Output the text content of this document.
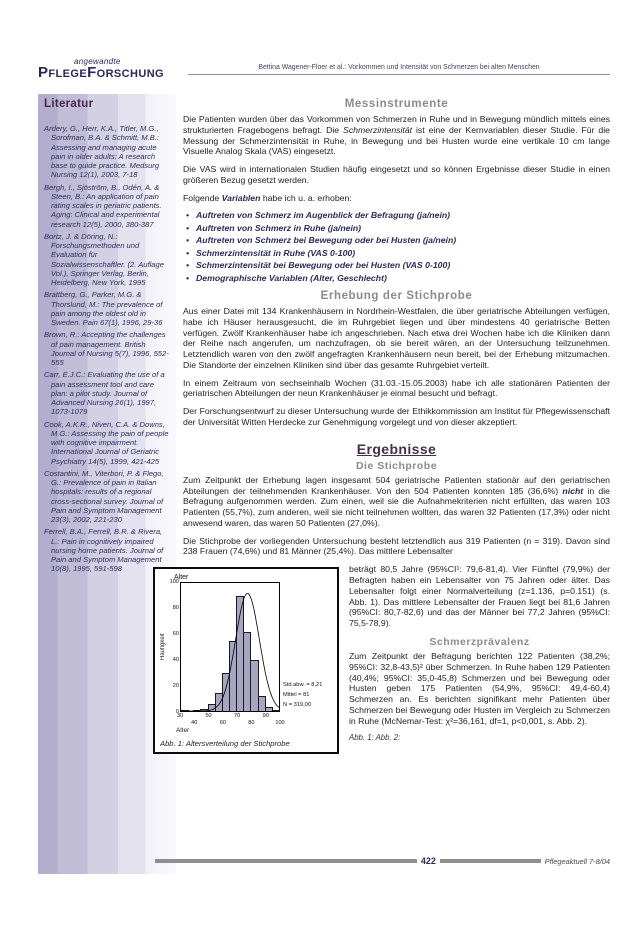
angewandte
PflegeForschung	Bettina Wagener-Floer et al.: Vorkommen und Intensität von Schmerzen bei alten Menschen
Literatur

Ardery, G., Herr, K.A., Titler, M.G., Sorofman, B.A. & Schmitt, M.B.: Assessing and managing acute pain in older adults: A research base to guide practice. Medsurg Nursing 12(1), 2003, 7-18

Bergh, I., Sjöström, B., Odén, A. & Steen, B.: An application of pain rating scales in geriatric patients. Aging: Clinical and experimental research 12(5), 2000, 380-387

Bortz, J. & Döring, N.: Forschungsmethoden und Evaluation für Sozialwissenschaftler. (2. Auflage Vol.), Springer Verlag, Berlin, Heidelberg, New York, 1995

Brattberg, G., Parker, M.G. & Thorslund, M.: The prevalence of pain among the oldest old in Sweden. Pain 67(1), 1996, 29-36

Brown, R.: Accepting the challenges of pain management. British Journal of Nursing 5(7), 1996, 552-555

Carr, E.J.C.: Evaluating the use of a pain assessment tool and care plan: a pilot study. Journal of Advanced Nursing 26(1), 1997, 1073-1079

Cook, A.K.R., Niven, C.A. & Downs, M.G.: Assessing the pain of people with cognitive impairment. International Journal of Geriatric Psychiatry 14(5), 1999, 421-425

Costantini, M., Viterbori, P. & Flego, G.: Prevalence of pain in Italian hospitals: results of a regional cross-sectional survey. Journal of Pain and Symptom Management 23(3), 2002, 221-230

Ferrell, B.A., Ferrell, B.R. & Rivera, L.: Pain in cognitively impaired nursing home patients. Journal of Pain and Symptom Management 10(8), 1995, 591-598

Messinstrumente

Die Patienten wurden über das Vorkommen von Schmerzen in Ruhe und in Bewegung mündlich mittels eines strukturierten Fragebogens befragt. Die Schmerzintensität ist eine der Kernvariablen dieser Studie. Für die Messung der Schmerzintensität in Ruhe, in Bewegung und bei Husten wurde eine vertikale 10 cm lange Visuelle Analog Skala (VAS) eingesetzt.

Die VAS wird in internationalen Studien häufig eingesetzt und so können Ergebnisse dieser Studie in einen größeren Bezug gesetzt werden.

Folgende Variablen habe ich u. a. erhoben:

• Auftreten von Schmerz im Augenblick der Befragung (ja/nein)
• Auftreten von Schmerz in Ruhe (ja/nein)
• Auftreten von Schmerz bei Bewegung oder bei Husten (ja/nein)
• Schmerzintensität in Ruhe (VAS 0-100)
• Schmerzintensität bei Bewegung oder bei Husten (VAS 0-100)
• Demographische Variablen (Alter, Geschlecht)
Erhebung der Stichprobe

Aus einer Datei mit 134 Krankenhäusern in Nordrhein-Westfalen, die über geriatrische Abteilungen verfügen, habe ich Häuser herausgesucht, die im Ruhrgebiet liegen und über mindestens 40 geriatrische Betten verfügen. Zwölf Krankenhäuser habe ich angeschrieben. Nach etwa drei Wochen habe ich die Kliniken dann der Reihe nach angerufen, um nachzufragen, ob sie bereit wären, an der Untersuchung teilzunehmen. Letztendlich waren von den zwölf angefragten Krankenhäusern neun bereit, bei der Erhebung mitzumachen. Die Standorte der einzelnen Kliniken sind über das gesamte Ruhrgebiet verteilt.

In einem Zeitraum von sechseinhalb Wochen (31.03.-15.05.2003) habe ich alle stationären Patienten der geriatrischen Abteilungen der neun Krankenhäuser je einmal besucht und befragt.

Der Forschungsentwurf zu dieser Untersuchung wurde der Ethikkommission am Institut für Pflegewissenschaft der Universität Witten Herdecke zur Genehmigung vorgelegt und von dieser akzeptiert.

Ergebnisse
Die Stichprobe

Zum Zeitpunkt der Erhebung lagen insgesamt 504 geriatrische Patienten stationär auf den geriatrischen Abteilungen der teilnehmenden Krankenhäuser. Von den 504 Patienten konnten 185 (36,6%) nicht in die Befragung aufgenommen werden. Zum einen, weil sie die Aufnahmekriterien nicht erfüllten, das waren 103 Patienten (55,7%), zum anderen, weil sie nicht teilnehmen wollten, das waren 32 Patienten (17,3%) oder nicht anwesend waren, das waren 50 Patienten (27,0%).

Die Stichprobe der vorliegenden Untersuchung besteht letztendlich aus 319 Patienten (n = 319). Davon sind 238 Frauen (74,6%) und 81 Männer (25,4%). Das mittlere Lebensalter

Alter
Häufigkeit
0
20
40
60
80
100
Std.abw. = 8,21
Mittel = 81
N = 319,00
30
40
50
60
70
80
90
100
Alter
Abb. 1: Altersverteilung der Stichprobe

beträgt 80,5 Jahre (95%CI¹: 79,6-81,4). Vier Fünftel (79,9%) der Befragten haben ein Lebensalter von 75 Jahren oder älter. Das Lebensalter folgt einer Normalverteilung (z=1.136, p=0.151) (s. Abb. 1). Das mittlere Lebensalter der Frauen liegt bei 81,6 Jahren (95%CI: 80,7-82,6) und das der Männer bei 77,2 Jahren (95%CI: 75,5-78,9).

Schmerzprävalenz

Zum Zeitpunkt der Befragung berichten 122 Patienten (38,2%; 95%CI: 32,8-43,5)² über Schmerzen. In Ruhe haben 129 Patienten (40,4%; 95%CI: 35,0-45,8) Schmerzen und bei Bewegung oder Husten geben 175 Patienten (54,9%, 95%CI: 49,4-60,4) Schmerzen an. Es berichten signifikant mehr Patienten über Schmerzen bei Bewegung oder Husten im Vergleich zu Schmerzen in Ruhe (McNemar-Test: χ²=36,161, df=1, p<0,001, s. Abb. 2).

Abb. 1: Abb. 2:

422	Pflegeaktuell 7-8/04
